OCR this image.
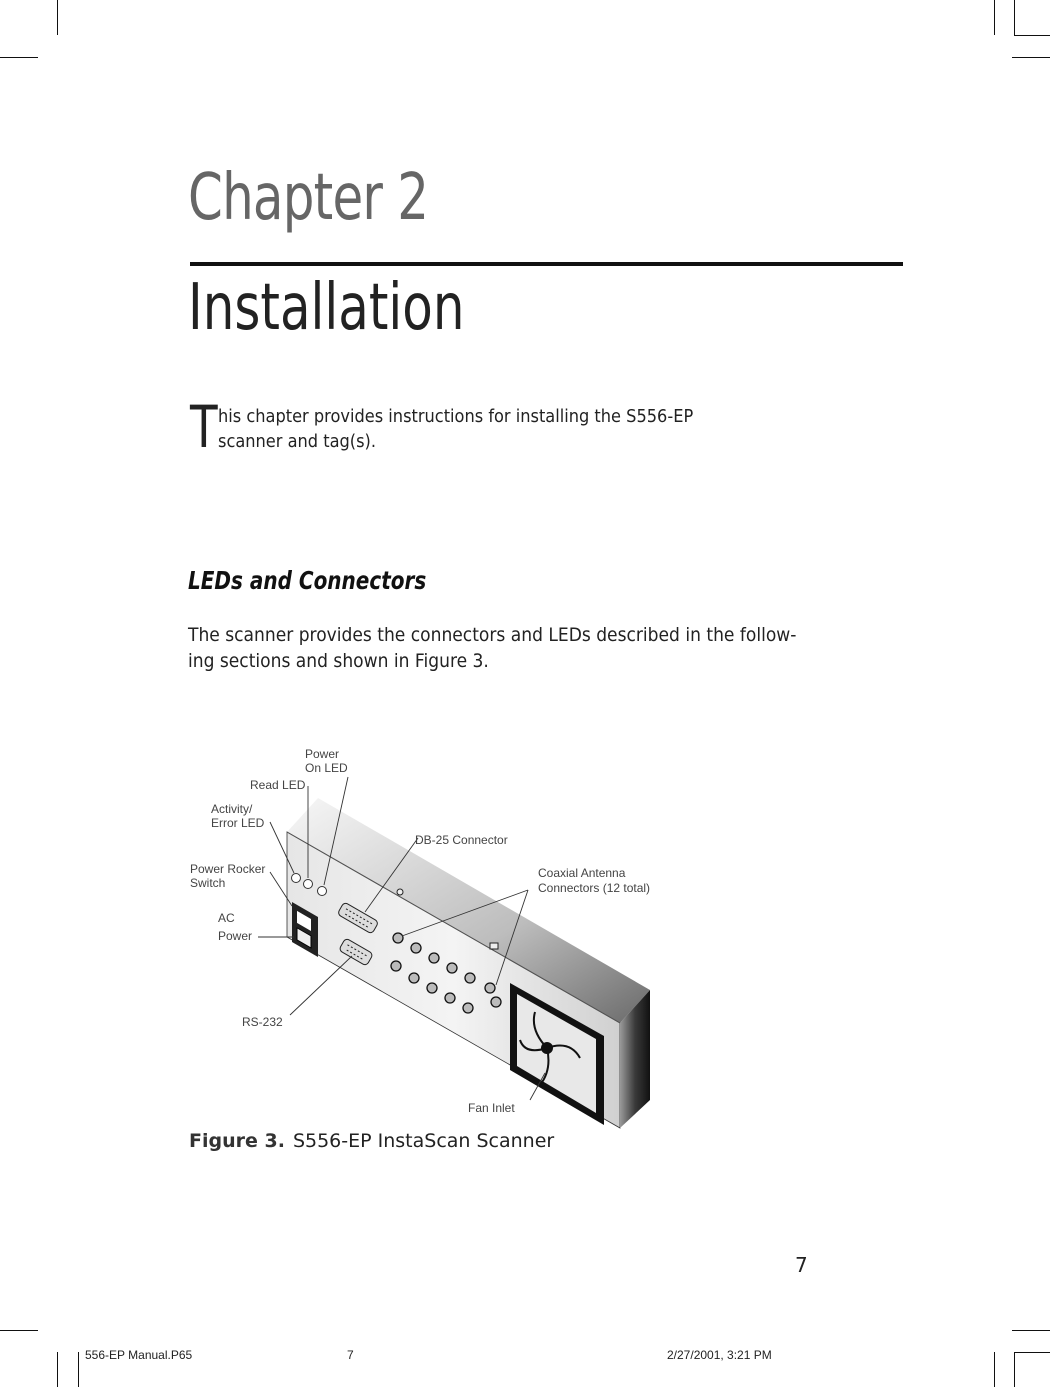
Chapter 2
Installation
T his chapter provides instructions for installing the S556-EP scanner and tag(s).
LEDs and Connectors
The scanner provides the connectors and LEDs described in the follow-ing sections and shown in Figure 3.
Power
On LED
Read LED
Activity/
Error LED
DB-25 Connector
Power Rocker
Switch
Coaxial Antenna
Connectors (12 total)
AC
Power
RS-232
Fan Inlet
Figure 3. S556-EP InstaScan Scanner
7
556-EP Manual.P65	7	2/27/2001, 3:21 PM
